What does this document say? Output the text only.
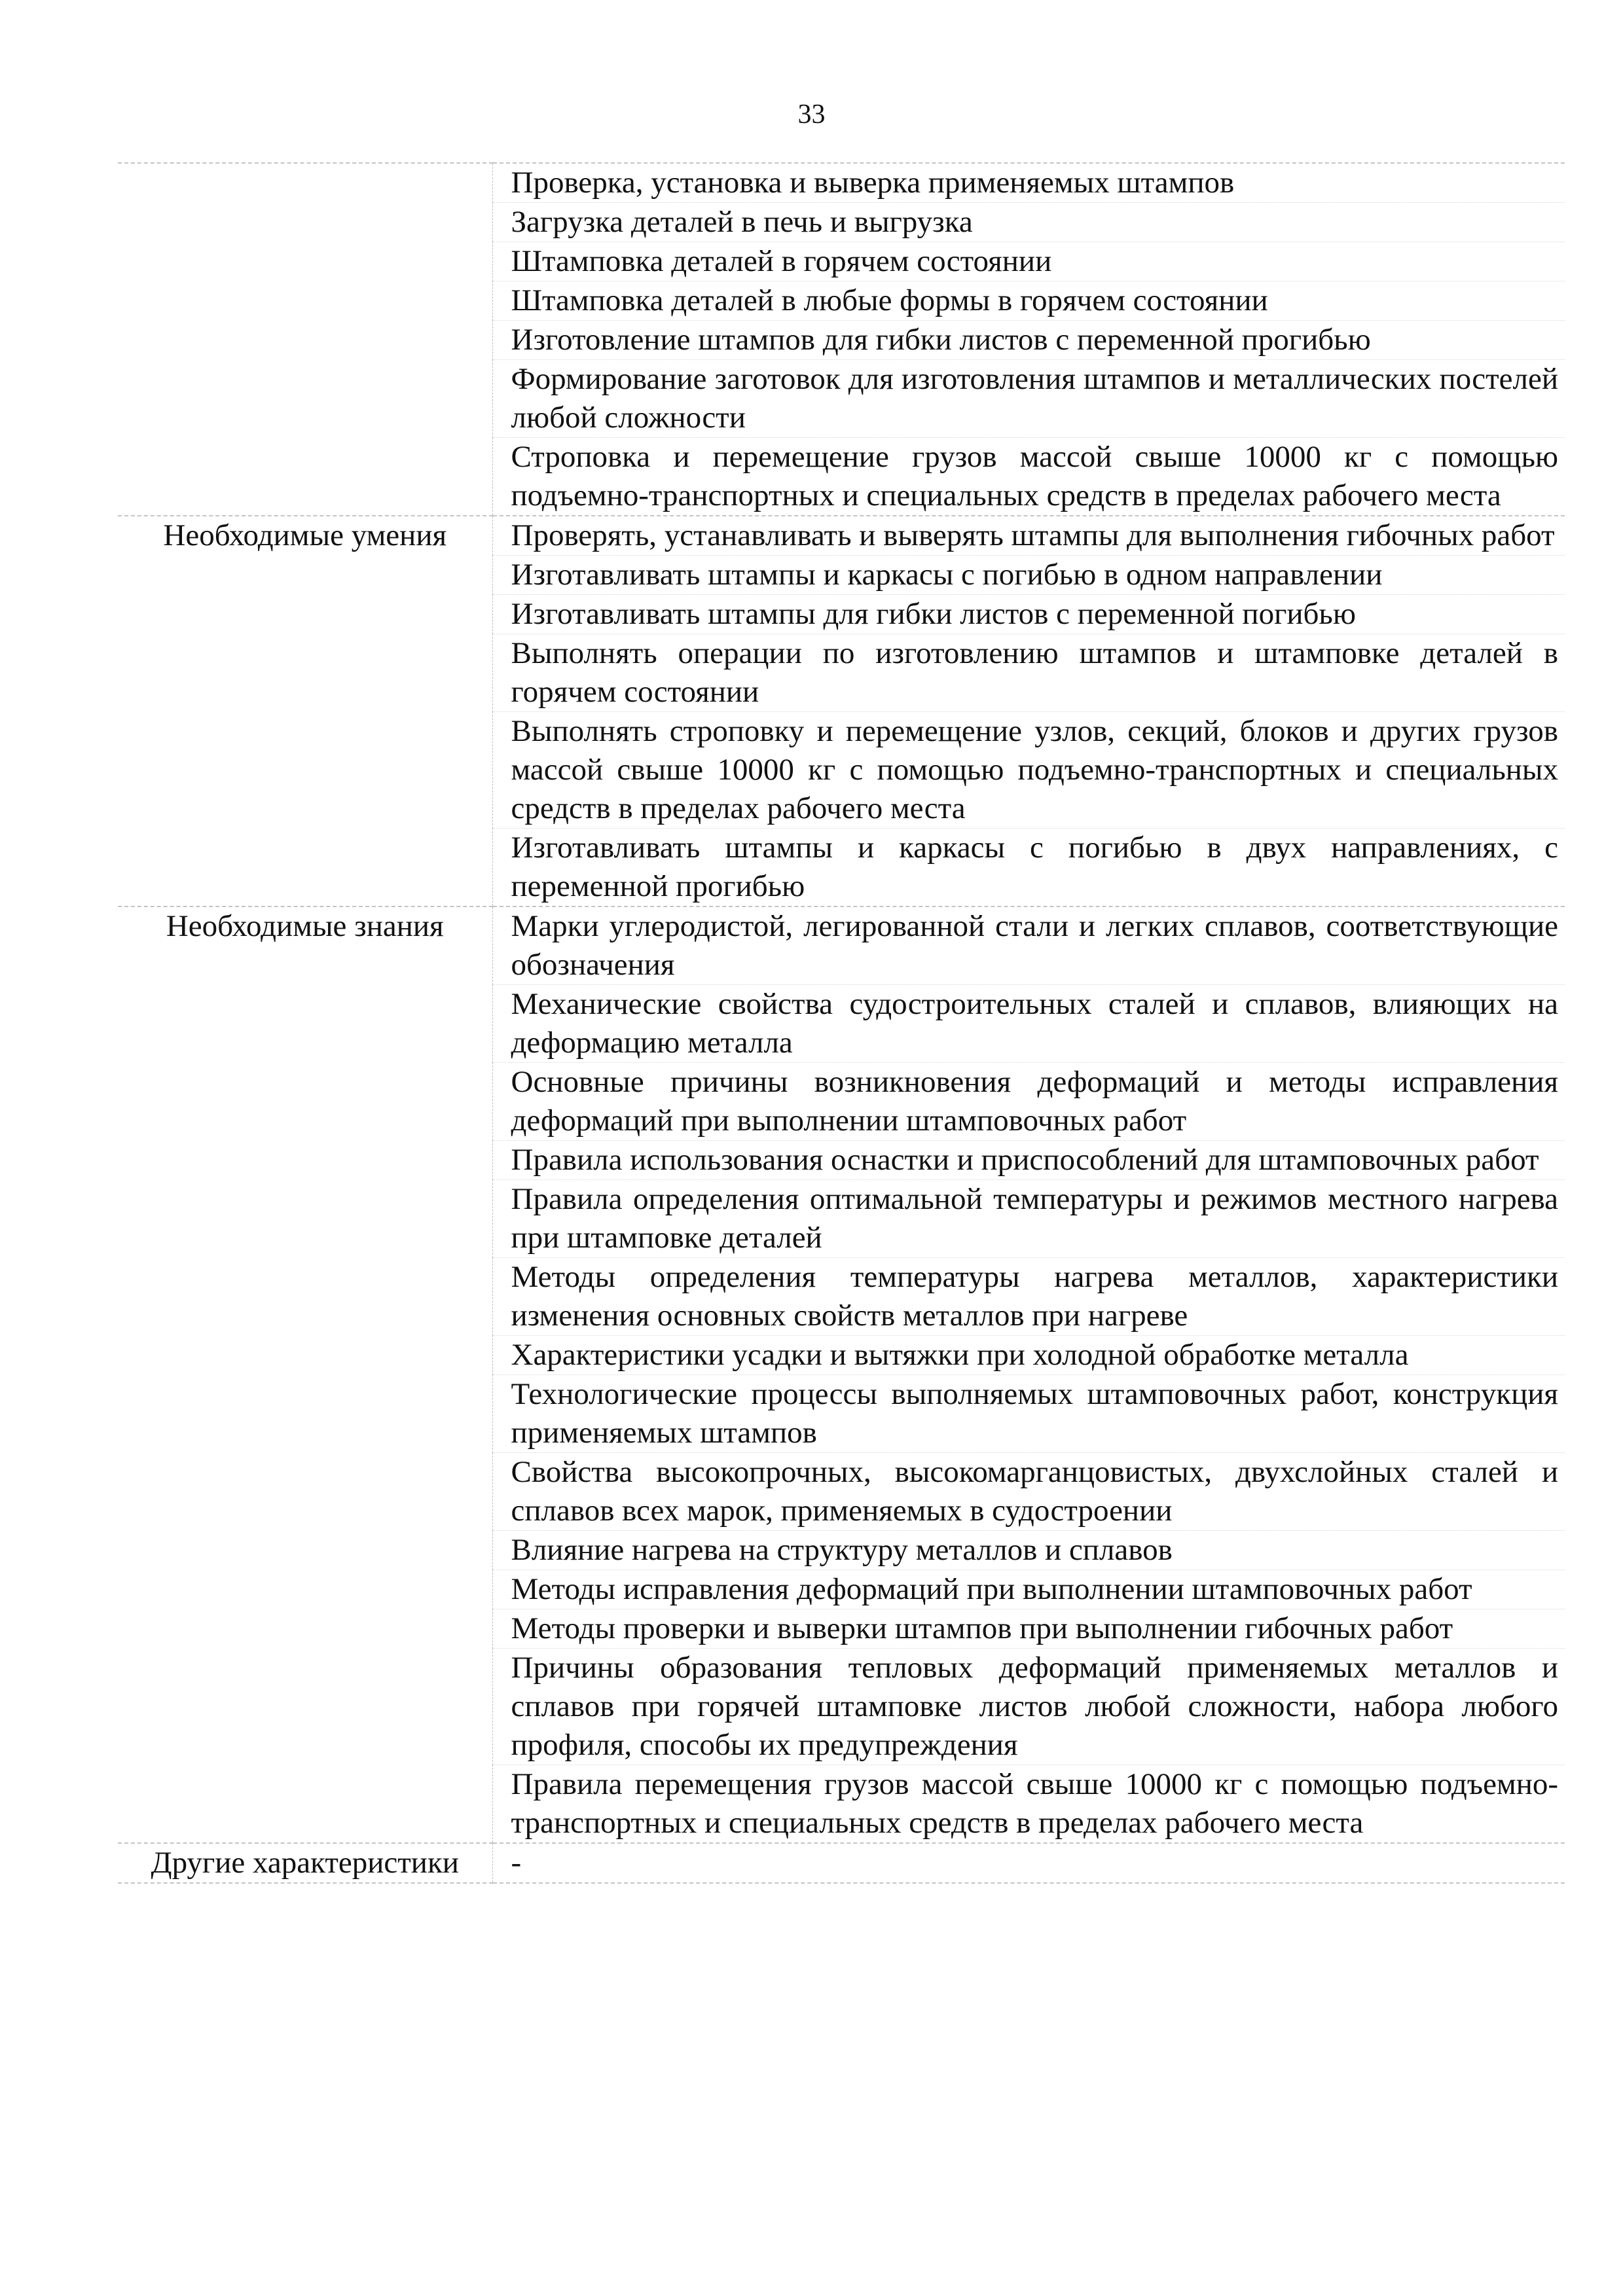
33
	Проверка, установка и выверка применяемых штампов
	Загрузка деталей в печь и выгрузка
	Штамповка деталей в горячем состоянии
	Штамповка деталей в любые формы в горячем состоянии
	Изготовление штампов для гибки листов с переменной прогибью
	Формирование заготовок для изготовления штампов и металлических постелей любой сложности
	Строповка и перемещение грузов массой свыше 10000 кг с помощью подъемно-транспортных и специальных средств в пределах рабочего места
Необходимые умения	Проверять, устанавливать и выверять штампы для выполнения гибочных работ
	Изготавливать штампы и каркасы с погибью в одном направлении
	Изготавливать штампы для гибки листов с переменной погибью
	Выполнять операции по изготовлению штампов и штамповке деталей в горячем состоянии
	Выполнять строповку и перемещение узлов, секций, блоков и других грузов массой свыше 10000 кг с помощью подъемно-транспортных и специальных средств в пределах рабочего места
	Изготавливать штампы и каркасы с погибью в двух направлениях, с переменной прогибью
Необходимые знания	Марки углеродистой, легированной стали и легких сплавов, соответствующие обозначения
	Механические свойства судостроительных сталей и сплавов, влияющих на деформацию металла
	Основные причины возникновения деформаций и методы исправления деформаций при выполнении штамповочных работ
	Правила использования оснастки и приспособлений для штамповочных работ
	Правила определения оптимальной температуры и режимов местного нагрева при штамповке деталей
	Методы определения температуры нагрева металлов, характеристики изменения основных свойств металлов при нагреве
	Характеристики усадки и вытяжки при холодной обработке металла
	Технологические процессы выполняемых штамповочных работ, конструкция применяемых штампов
	Свойства высокопрочных, высокомарганцовистых, двухслойных сталей и сплавов всех марок, применяемых в судостроении
	Влияние нагрева на структуру металлов и сплавов
	Методы исправления деформаций при выполнении штамповочных работ
	Методы проверки и выверки штампов при выполнении гибочных работ
	Причины образования тепловых деформаций применяемых металлов и сплавов при горячей штамповке листов любой сложности, набора любого профиля, способы их предупреждения
	Правила перемещения грузов массой свыше 10000 кг с помощью подъемно-транспортных и специальных средств в пределах рабочего места
Другие характеристики	-
